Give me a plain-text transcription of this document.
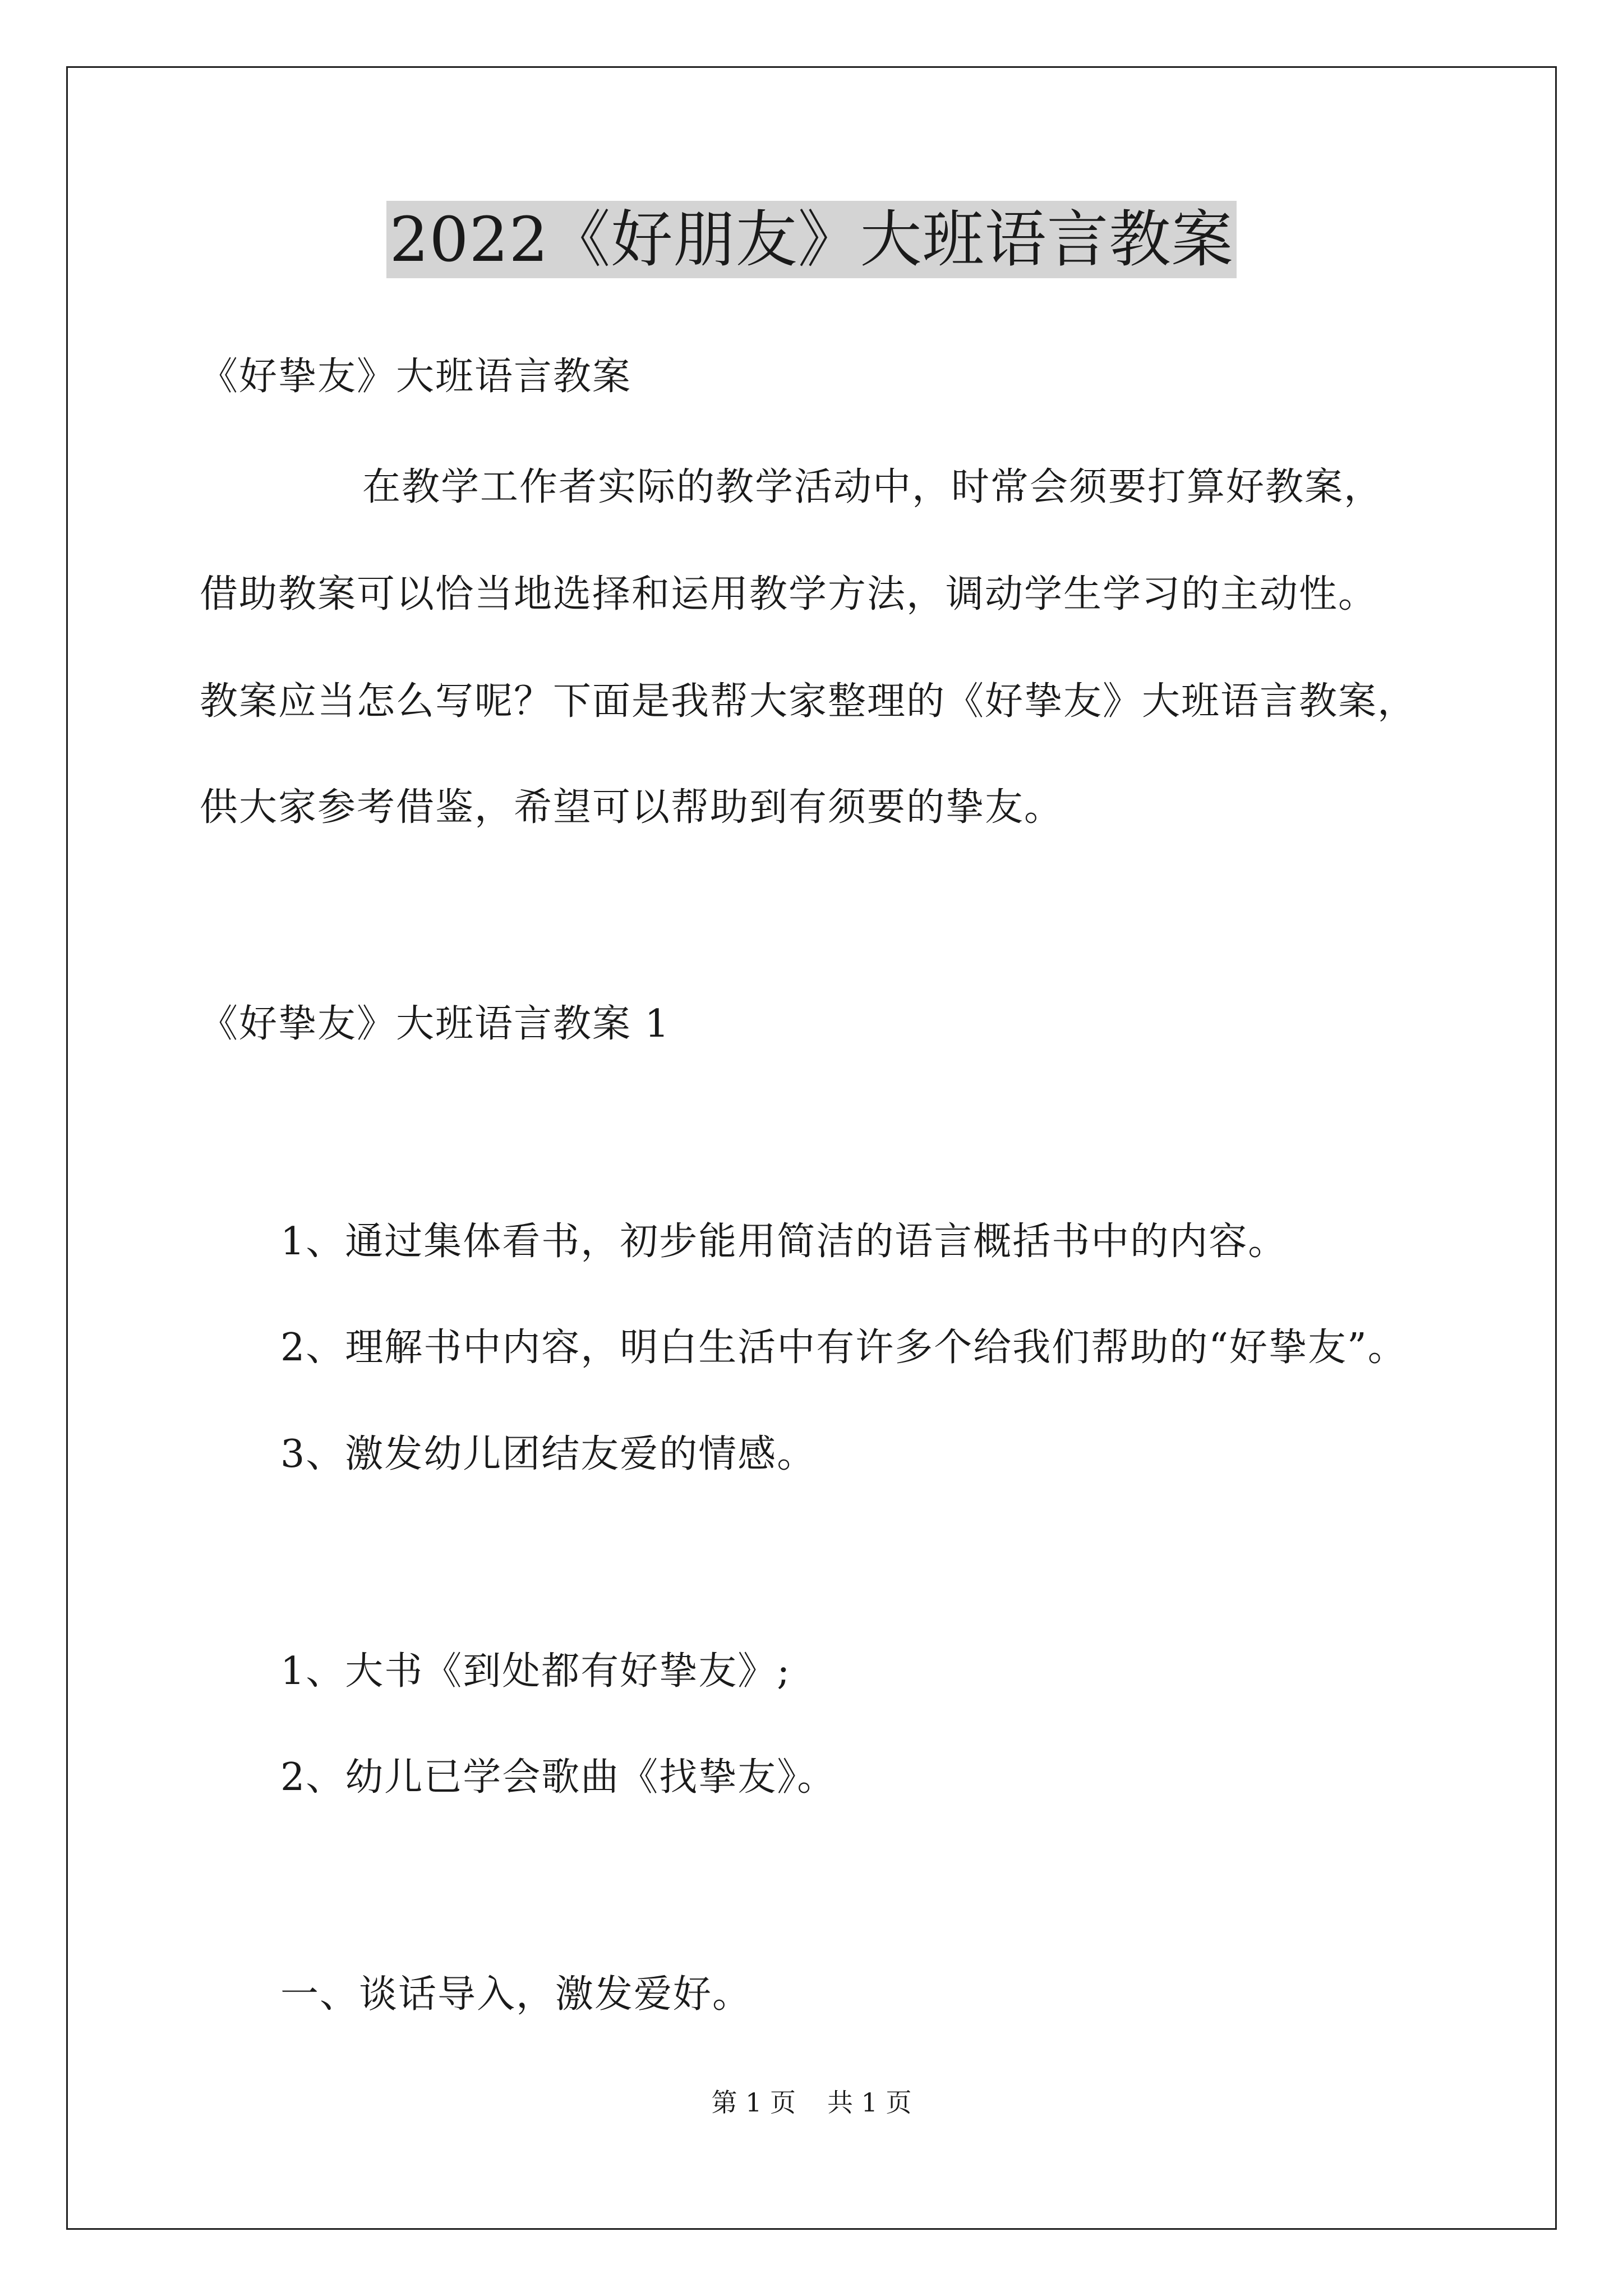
2022《好朋友》大班语言教案
《好挚友》大班语言教案
在教学工作者实际的教学活动中，时常会须要打算好教案，
借助教案可以恰当地选择和运用教学方法，调动学生学习的主动性。
教案应当怎么写呢？下面是我帮大家整理的《好挚友》大班语言教案，
供大家参考借鉴，希望可以帮助到有须要的挚友。
《好挚友》大班语言教案 1
1、通过集体看书，初步能用简洁的语言概括书中的内容。
2、理解书中内容，明白生活中有许多个给我们帮助的“好挚友”。
3、激发幼儿团结友爱的情感。
1、大书《到处都有好挚友》;
2、幼儿已学会歌曲《找挚友》。
一、谈话导入，激发爱好。
第 1 页 共 1 页
